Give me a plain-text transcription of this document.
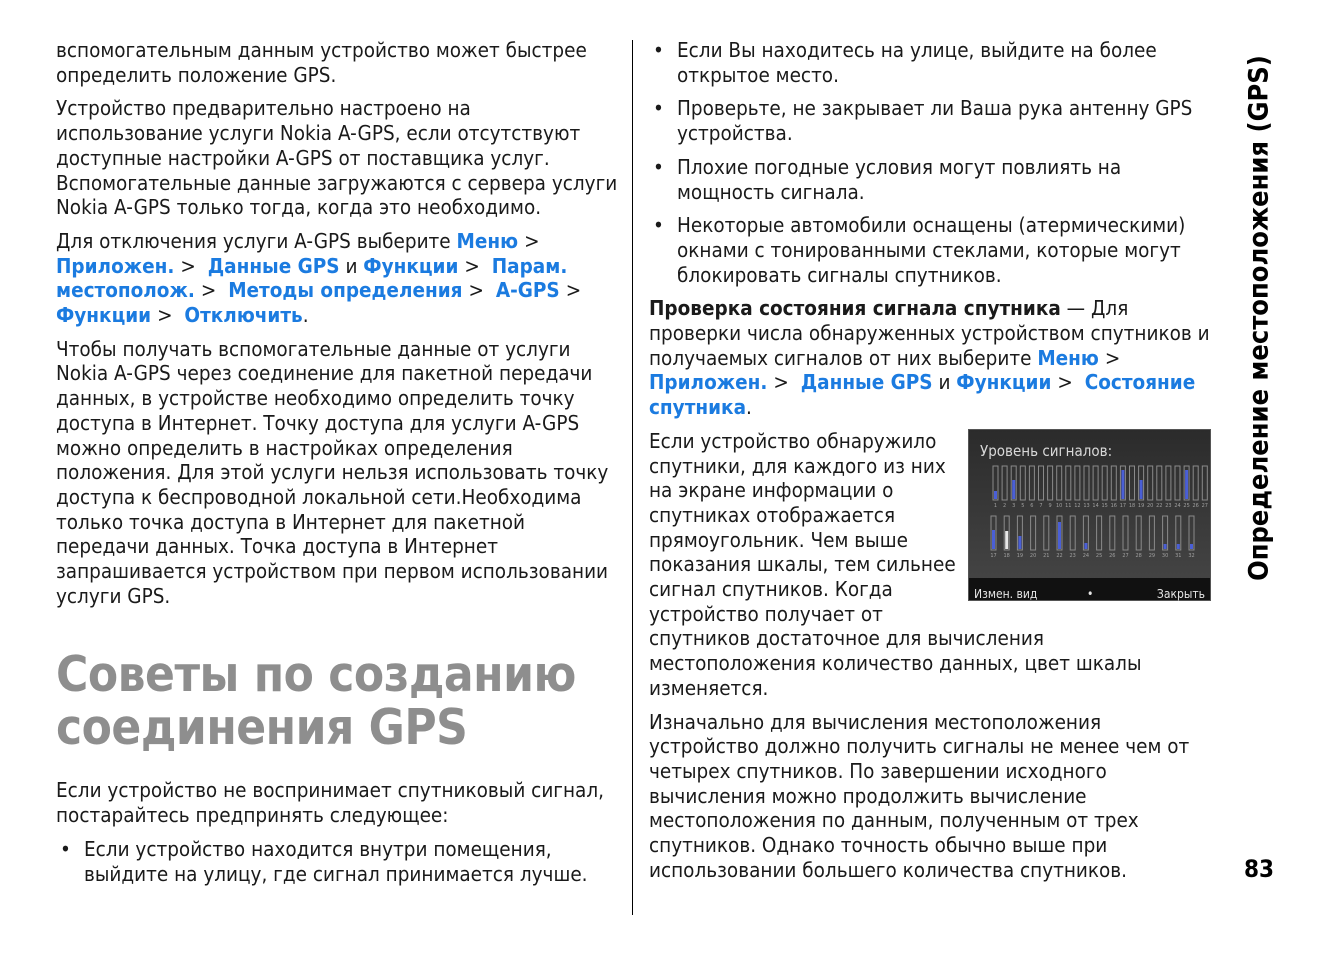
вспомогательным данным устройство может быстрее определить положение GPS.

Устройство предварительно настроено на использование услуги Nokia A-GPS, если отсутствуют доступные настройки A-GPS от поставщика услуг. Вспомогательные данные загружаются с сервера услуги Nokia A-GPS только тогда, когда это необходимо.

Для отключения услуги A-GPS выберите Меню > Приложен. > Данные GPS и Функции > Парам. местополож. > Методы определения > A-GPS > Функции > Отключить.

Чтобы получать вспомогательные данные от услуги Nokia A-GPS через соединение для пакетной передачи данных, в устройстве необходимо определить точку доступа в Интернет. Точку доступа для услуги A-GPS можно определить в настройках определения положения. Для этой услуги нельзя использовать точку доступа к беспроводной локальной сети.Необходима только точка доступа в Интернет для пакетной передачи данных. Точка доступа в Интернет запрашивается устройством при первом использовании услуги GPS.

Советы по созданию соединения GPS

Если устройство не воспринимает спутниковый сигнал, постарайтесь предпринять следующее:

• Если устройство находится внутри помещения, выйдите на улицу, где сигнал принимается лучше.
• Если Вы находитесь на улице, выйдите на более открытое место.
• Проверьте, не закрывает ли Ваша рука антенну GPS устройства.
• Плохие погодные условия могут повлиять на мощность сигнала.
• Некоторые автомобили оснащены (атермическими) окнами с тонированными стеклами, которые могут блокировать сигналы спутников.

Проверка состояния сигнала спутника — Для проверки числа обнаруженных устройством спутников и получаемых сигналов от них выберите Меню > Приложен. > Данные GPS и Функции > Состояние спутника.

Уровень сигналов:
1 2 3 5 6 7 9 10 11 12 13 14 15 16 17 18 19 20 22 23 24 25 26 27
17 18 19 20 21 22 23 24 25 26 27 28 29 30 31 32
Измен. вид	•	Закрыть
Если устройство обнаружило спутники, для каждого из них на экране информации о спутниках отображается прямоугольник. Чем выше показания шкалы, тем сильнее сигнал спутников. Когда устройство получает от спутников достаточное для вычисления местоположения количество данных, цвет шкалы изменяется.

Изначально для вычисления местоположения устройство должно получить сигналы не менее чем от четырех спутников. По завершении исходного вычисления можно продолжить вычисление местоположения по данным, полученным от трех спутников. Однако точность обычно выше при использовании большего количества спутников.

Определение местоположения (GPS)
83
